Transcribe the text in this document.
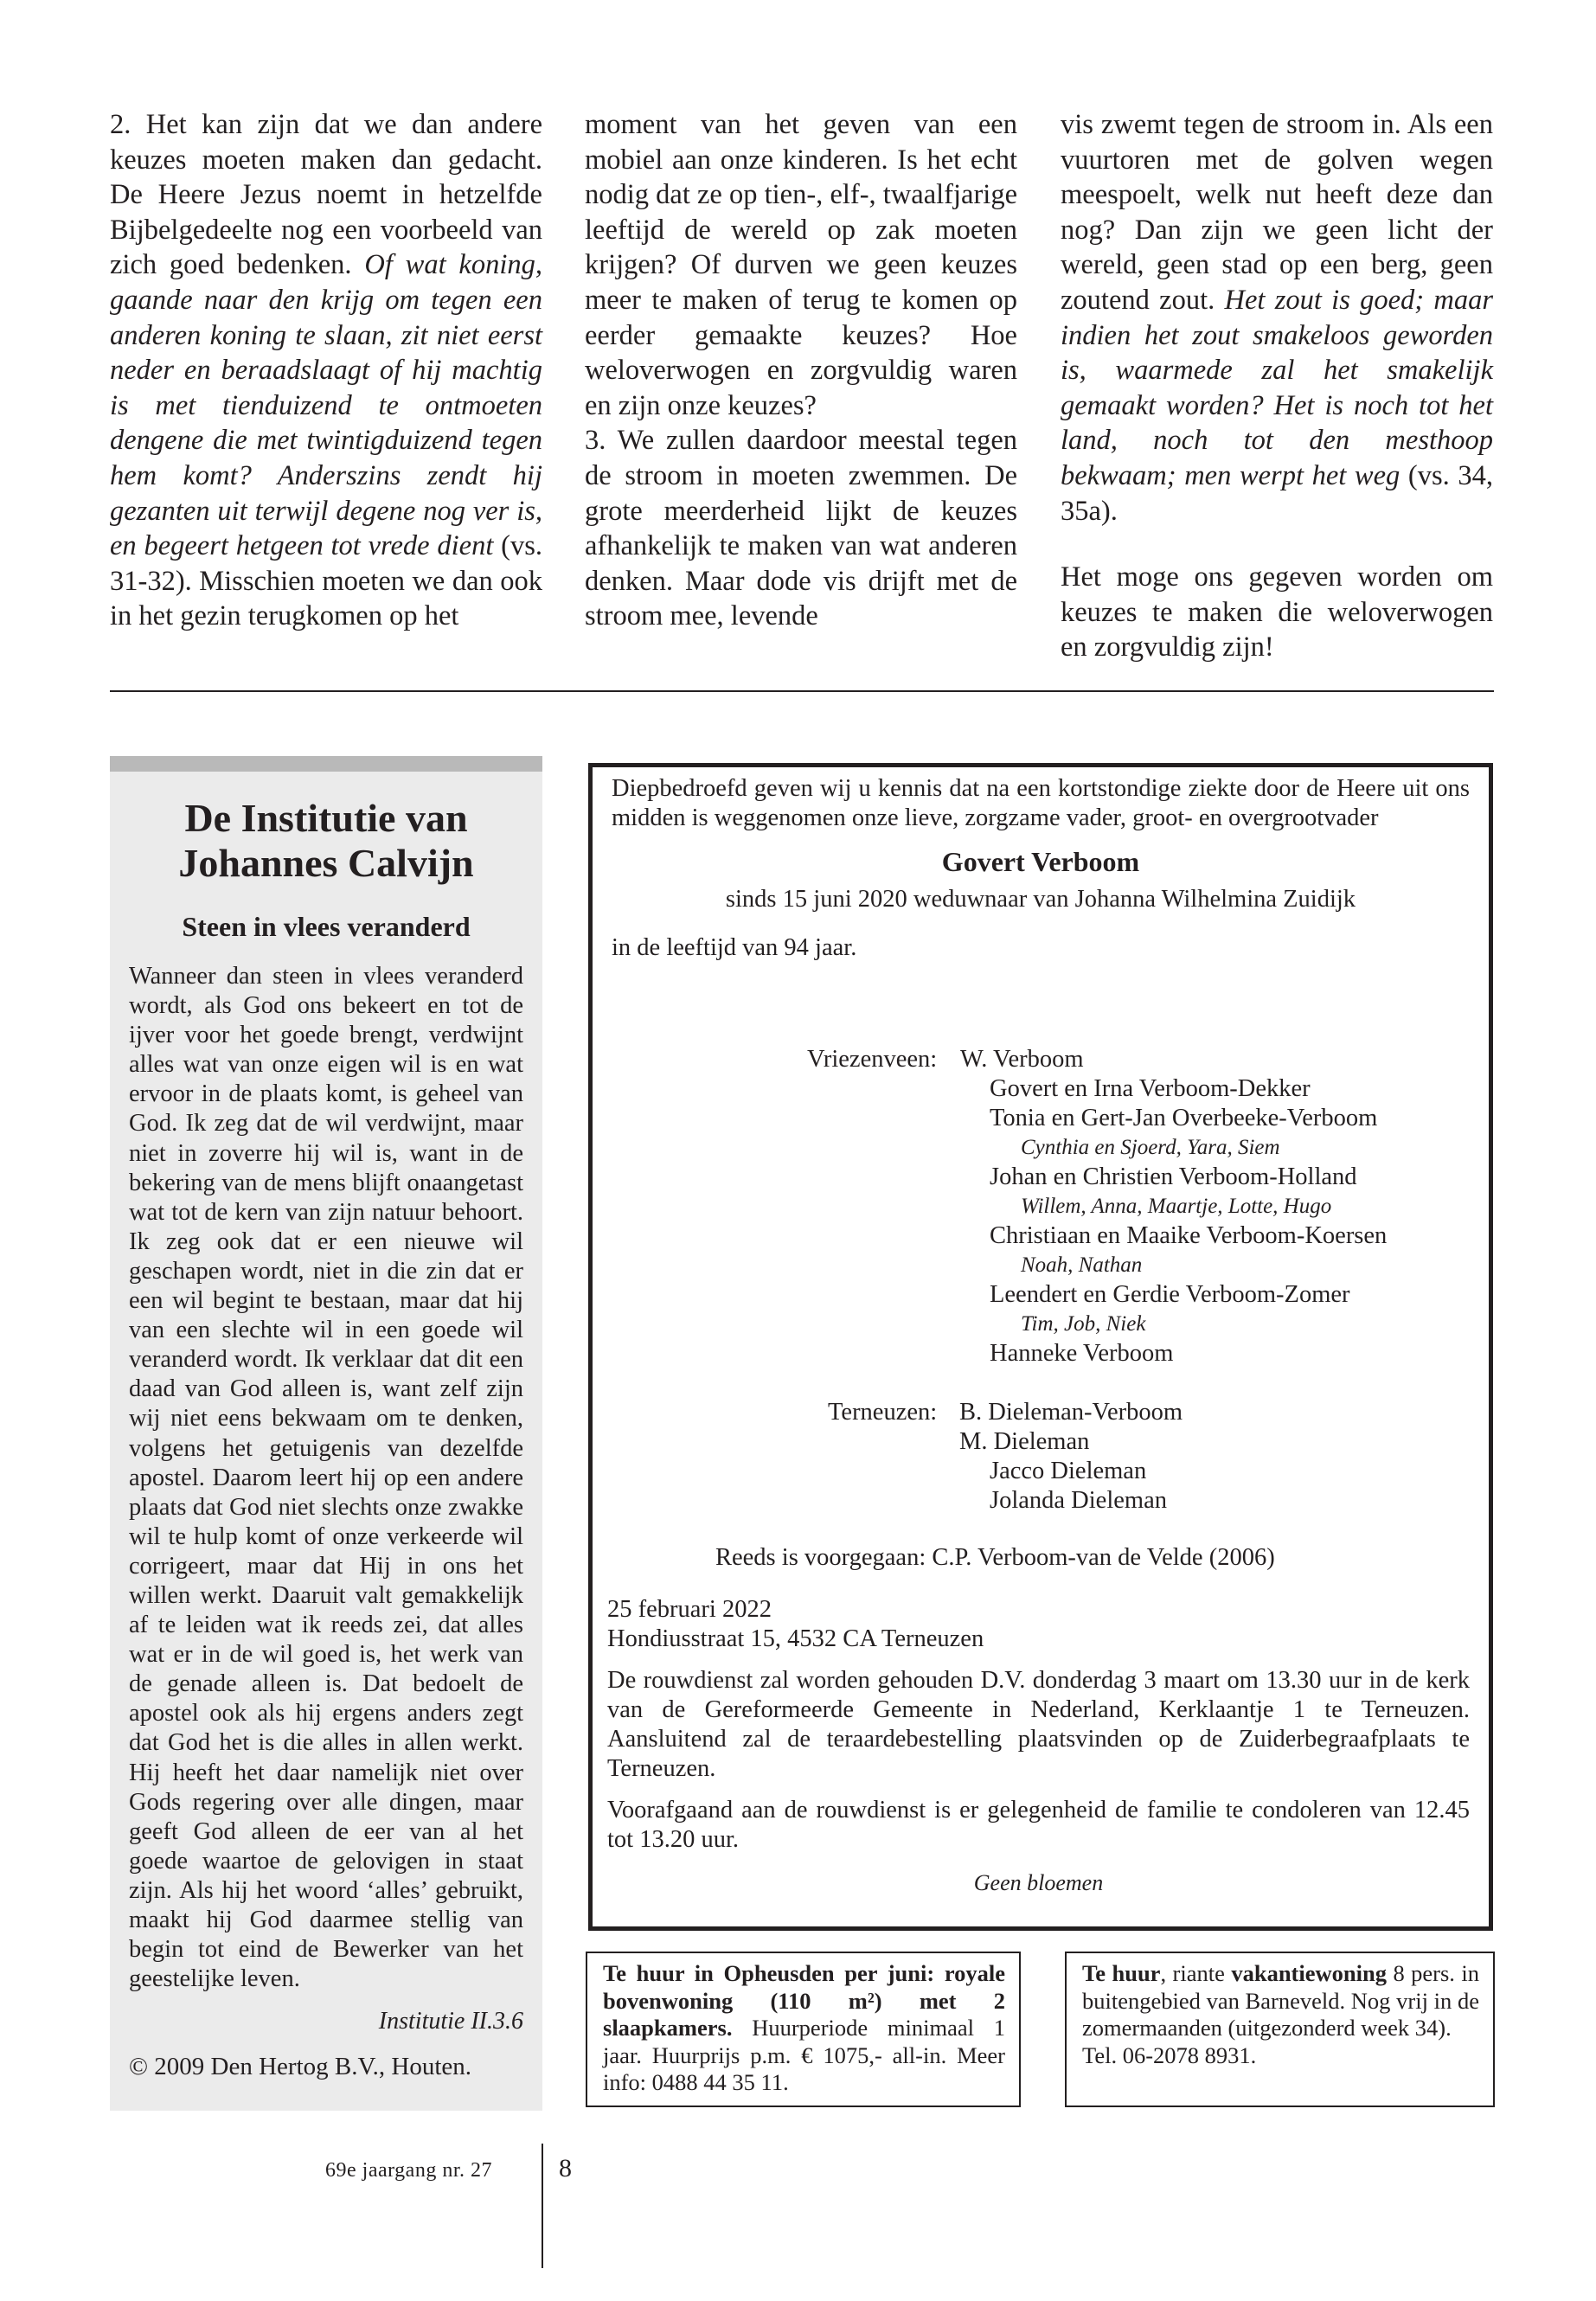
2. Het kan zijn dat we dan andere keuzes moeten maken dan gedacht. De Heere Jezus noemt in hetzelfde Bijbelgedeelte nog een voorbeeld van zich goed bedenken. Of wat koning, gaande naar den krijg om tegen een anderen koning te slaan, zit niet eerst neder en beraadslaagt of hij machtig is met tienduizend te ontmoeten dengene die met twintigduizend tegen hem komt? Anderszins zendt hij gezanten uit terwijl degene nog ver is, en begeert hetgeen tot vrede dient (vs. 31-32). Misschien moeten we dan ook in het gezin terugkomen op het

moment van het geven van een mobiel aan onze kinderen. Is het echt nodig dat ze op tien-, elf-, twaalfjarige leeftijd de wereld op zak moeten krijgen? Of durven we geen keuzes meer te maken of terug te komen op eerder gemaakte keuzes? Hoe weloverwogen en zorgvuldig waren en zijn onze keuzes?

3. We zullen daardoor meestal tegen de stroom in moeten zwemmen. De grote meerderheid lijkt de keuzes afhankelijk te maken van wat anderen denken. Maar dode vis drijft met de stroom mee, levende

vis zwemt tegen de stroom in. Als een vuurtoren met de golven wegen meespoelt, welk nut heeft deze dan nog? Dan zijn we geen licht der wereld, geen stad op een berg, geen zoutend zout. Het zout is goed; maar indien het zout smakeloos geworden is, waarmede zal het smakelijk gemaakt worden? Het is noch tot het land, noch tot den mesthoop bekwaam; men werpt het weg (vs. 34, 35a).

Het moge ons gegeven worden om keuzes te maken die weloverwogen en zorgvuldig zijn!

De Institutie van
Johannes Calvijn
Steen in vlees veranderd
Wanneer dan steen in vlees veranderd wordt, als God ons bekeert en tot de ijver voor het goede brengt, verdwijnt alles wat van onze eigen wil is en wat ervoor in de plaats komt, is geheel van God. Ik zeg dat de wil verdwijnt, maar niet in zoverre hij wil is, want in de bekering van de mens blijft onaangetast wat tot de kern van zijn natuur behoort. Ik zeg ook dat er een nieuwe wil geschapen wordt, niet in die zin dat er een wil begint te bestaan, maar dat hij van een slechte wil in een goede wil veranderd wordt. Ik verklaar dat dit een daad van God alleen is, want zelf zijn wij niet eens bekwaam om te denken, volgens het getuigenis van dezelfde apostel. Daarom leert hij op een andere plaats dat God niet slechts onze zwakke wil te hulp komt of onze verkeerde wil corrigeert, maar dat Hij in ons het willen werkt. Daaruit valt gemakkelijk af te leiden wat ik reeds zei, dat alles wat er in de wil goed is, het werk van de genade alleen is. Dat bedoelt de apostel ook als hij ergens anders zegt dat God het is die alles in allen werkt. Hij heeft het daar namelijk niet over Gods regering over alle dingen, maar geeft God alleen de eer van al het goede waartoe de gelovigen in staat zijn. Als hij het woord ‘alles’ gebruikt, maakt hij God daarmee stellig van begin tot eind de Bewerker van het geestelijke leven.
Institutie II.3.6
© 2009 Den Hertog B.V., Houten.
Diepbedroefd geven wij u kennis dat na een kortstondige ziekte door de Heere uit ons midden is weggenomen onze lieve, zorgzame vader, groot- en overgrootvader
Govert Verboom
sinds 15 juni 2020 weduwnaar van Johanna Wilhelmina Zuidijk
in de leeftijd van 94 jaar.
Vriezenveen: W. Verboom
Govert en Irna Verboom-Dekker
Tonia en Gert-Jan Overbeeke-Verboom
Cynthia en Sjoerd, Yara, Siem
Johan en Christien Verboom-Holland
Willem, Anna, Maartje, Lotte, Hugo
Christiaan en Maaike Verboom-Koersen
Noah, Nathan
Leendert en Gerdie Verboom-Zomer
Tim, Job, Niek
Hanneke Verboom
Terneuzen: B. Dieleman-Verboom
M. Dieleman
Jacco Dieleman
Jolanda Dieleman
Reeds is voorgegaan: C.P. Verboom-van de Velde (2006)
25 februari 2022
Hondiusstraat 15, 4532 CA Terneuzen
De rouwdienst zal worden gehouden D.V. donderdag 3 maart om 13.30 uur in de kerk van de Gereformeerde Gemeente in Nederland, Kerklaantje 1 te Terneuzen. Aansluitend zal de teraardebestelling plaatsvinden op de Zuiderbegraafplaats te Terneuzen.
Voorafgaand aan de rouwdienst is er gelegenheid de familie te condoleren van 12.45 tot 13.20 uur.
Geen bloemen

Te huur in Opheusden per juni: royale bovenwoning (110 m²) met 2 slaapkamers. Huurperiode minimaal 1 jaar. Huurprijs p.m. € 1075,- all-in. Meer info: 0488 44 35 11.

Te huur, riante vakantiewoning 8 pers. in buitengebied van Barneveld. Nog vrij in de zomermaanden (uitgezonderd week 34).

Tel. 06-2078 8931.

69e jaargang nr. 27	8
